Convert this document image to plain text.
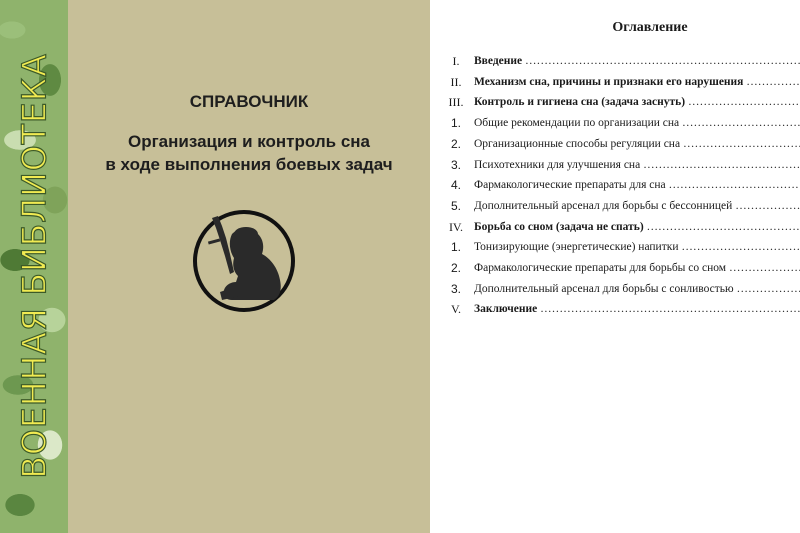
ВОЕННАЯ БИБЛИОТЕКА	СПРАВОЧНИК
Организация и контроль сна
в ходе выполнения боевых задач
Оглавление
I.	Введение ……………………………………………………………………………………………………………………
II.	Механизм сна, причины и признаки его нарушения ……………………………………………………………………………………………………………………
III. Контроль и гигиена сна (задача заснуть) ……………………………………………………………………………………………………………………
1.	Общие рекомендации по организации сна ……………………………………………………………………………………………………………………
2.	Организационные способы регуляции сна ……………………………………………………………………………………………………………………
3.	Психотехники для улучшения сна ……………………………………………………………………………………………………………………
4.	Фармакологические препараты для сна ……………………………………………………………………………………………………………………
5.	Дополнительный арсенал для борьбы с бессонницей ……………………………………………………………………………………………………………………
IV. Борьба со сном (задача не спать) ……………………………………………………………………………………………………………………
1.	Тонизирующие (энергетические) напитки ……………………………………………………………………………………………………………………
2.	Фармакологические препараты для борьбы со сном ……………………………………………………………………………………………………………………
3.	Дополнительный арсенал для борьбы с сонливостью ……………………………………………………………………………………………………………………
V.	Заключение ……………………………………………………………………………………………………………………
